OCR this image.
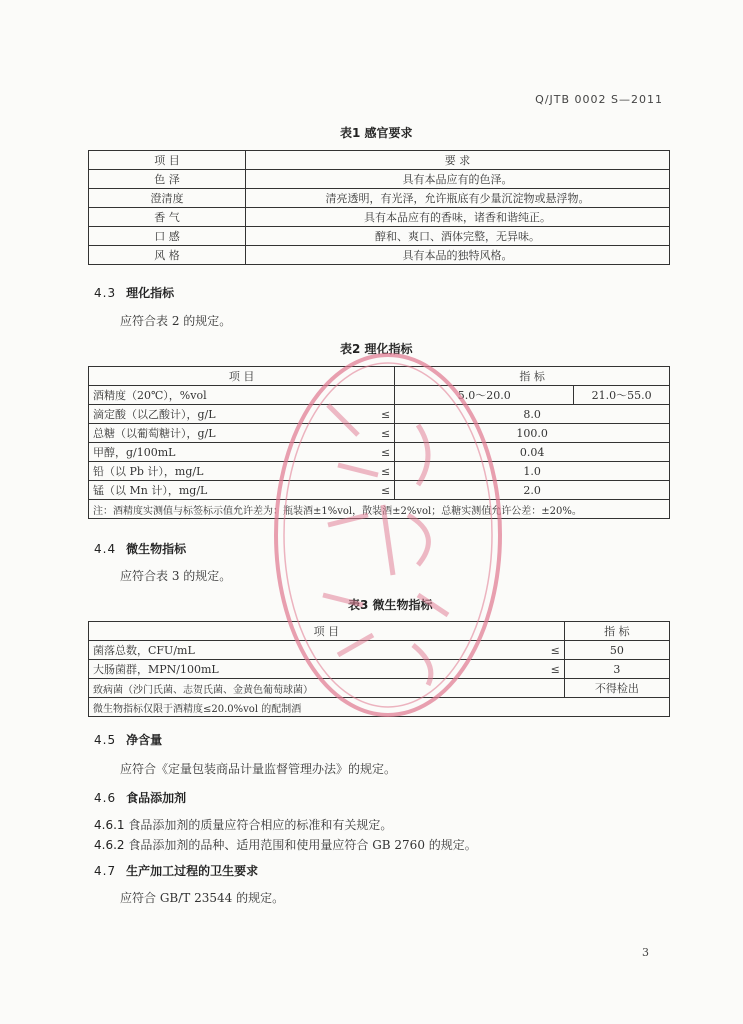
Q/JTB 0002 S—2011
表1 感官要求
项 目	要 求
色 泽	具有本品应有的色泽。
澄清度	清亮透明，有光泽，允许瓶底有少量沉淀物或悬浮物。
香 气	具有本品应有的香味，诸香和谐纯正。
口 感	醇和、爽口、酒体完整，无异味。
风 格	具有本品的独特风格。
4.3 理化指标
应符合表 2 的规定。
表2 理化指标
项 目		指 标	
酒精度（20℃），%vol		5.0～20.0	21.0～55.0
滴定酸（以乙酸计），g/L	≤	8.0	
总糖（以葡萄糖计），g/L	≤	100.0	
甲醇，g/100mL	≤	0.04	
铅（以 Pb 计），mg/L	≤	1.0	
锰（以 Mn 计），mg/L	≤	2.0	
注：酒精度实测值与标签标示值允许差为：瓶装酒±1%vol，散装酒±2%vol；总糖实测值允许公差：±20%。			
4.4 微生物指标
应符合表 3 的规定。
表3 微生物指标
项 目		指 标
菌落总数，CFU/mL	≤	50
大肠菌群，MPN/100mL	≤	3
致病菌（沙门氏菌、志贺氏菌、金黄色葡萄球菌）		不得检出
微生物指标仅限于酒精度≤20.0%vol 的配制酒		
4.5 净含量
应符合《定量包装商品计量监督管理办法》的规定。
4.6 食品添加剂
4.6.1 食品添加剂的质量应符合相应的标准和有关规定。
4.6.2 食品添加剂的品种、适用范围和使用量应符合 GB 2760 的规定。
4.7 生产加工过程的卫生要求
应符合 GB/T 23544 的规定。
3
